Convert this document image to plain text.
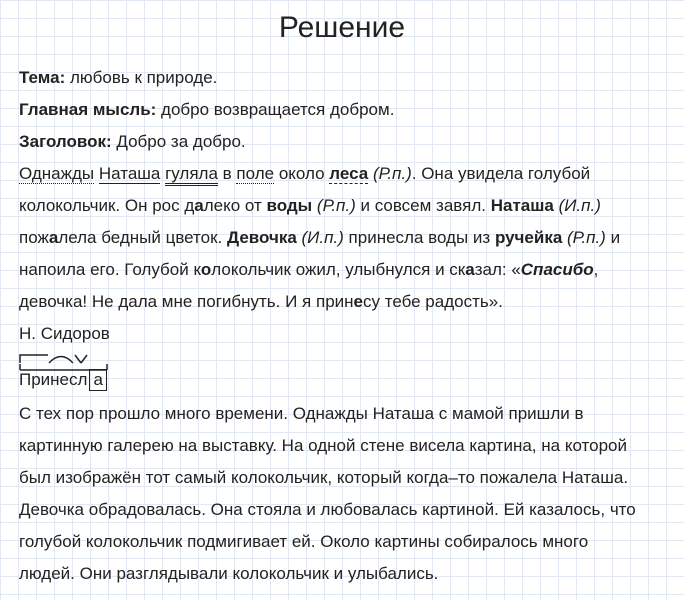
Решение
Тема: любовь к природе.
Главная мысль: добро возвращается добром.
Заголовок: Добро за добро.
Однажды Наташа гуляла в поле около леса (Р.п.). Она увидела голубой
колокольчик. Он рос далеко от воды (Р.п.) и совсем завял. Наташа (И.п.)
пожалела бедный цветок. Девочка (И.п.) принесла воды из ручейка (Р.п.) и
напоила его. Голубой колокольчик ожил, улыбнулся и сказал: «Спасибо,
девочка! Не дала мне погибнуть. И я принесу тебе радость».
Н. Сидоров
Принесл а
С тех пор прошло много времени. Однажды Наташа с мамой пришли в
картинную галерею на выставку. На одной стене висела картина, на которой
был изображён тот самый колокольчик, который когда–то пожалела Наташа.
Девочка обрадовалась. Она стояла и любовалась картиной. Ей казалось, что
голубой колокольчик подмигивает ей. Около картины собиралось много
людей. Они разглядывали колокольчик и улыбались.
